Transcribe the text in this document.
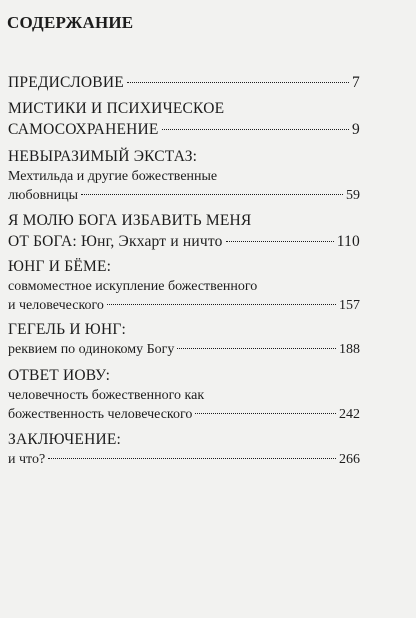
СОДЕРЖАНИЕ
ПРЕДИСЛОВИЕ	7
МИСТИКИ И ПСИХИЧЕСКОЕ
САМОСОХРАНЕНИЕ	9
НЕВЫРАЗИМЫЙ ЭКСТАЗ:
Мехтильда и другие божественные
любовницы	59
Я МОЛЮ БОГА ИЗБАВИТЬ МЕНЯ
ОТ БОГА: Юнг, Экхарт и ничто	110
ЮНГ И БЁМЕ:
совмоместное искупление божественного
и человеческого	157
ГЕГЕЛЬ И ЮНГ:
реквием по одинокому Богу	188
ОТВЕТ ИОВУ:
человечность божественного как
божественность человеческого	242
ЗАКЛЮЧЕНИЕ:
и что?	266
